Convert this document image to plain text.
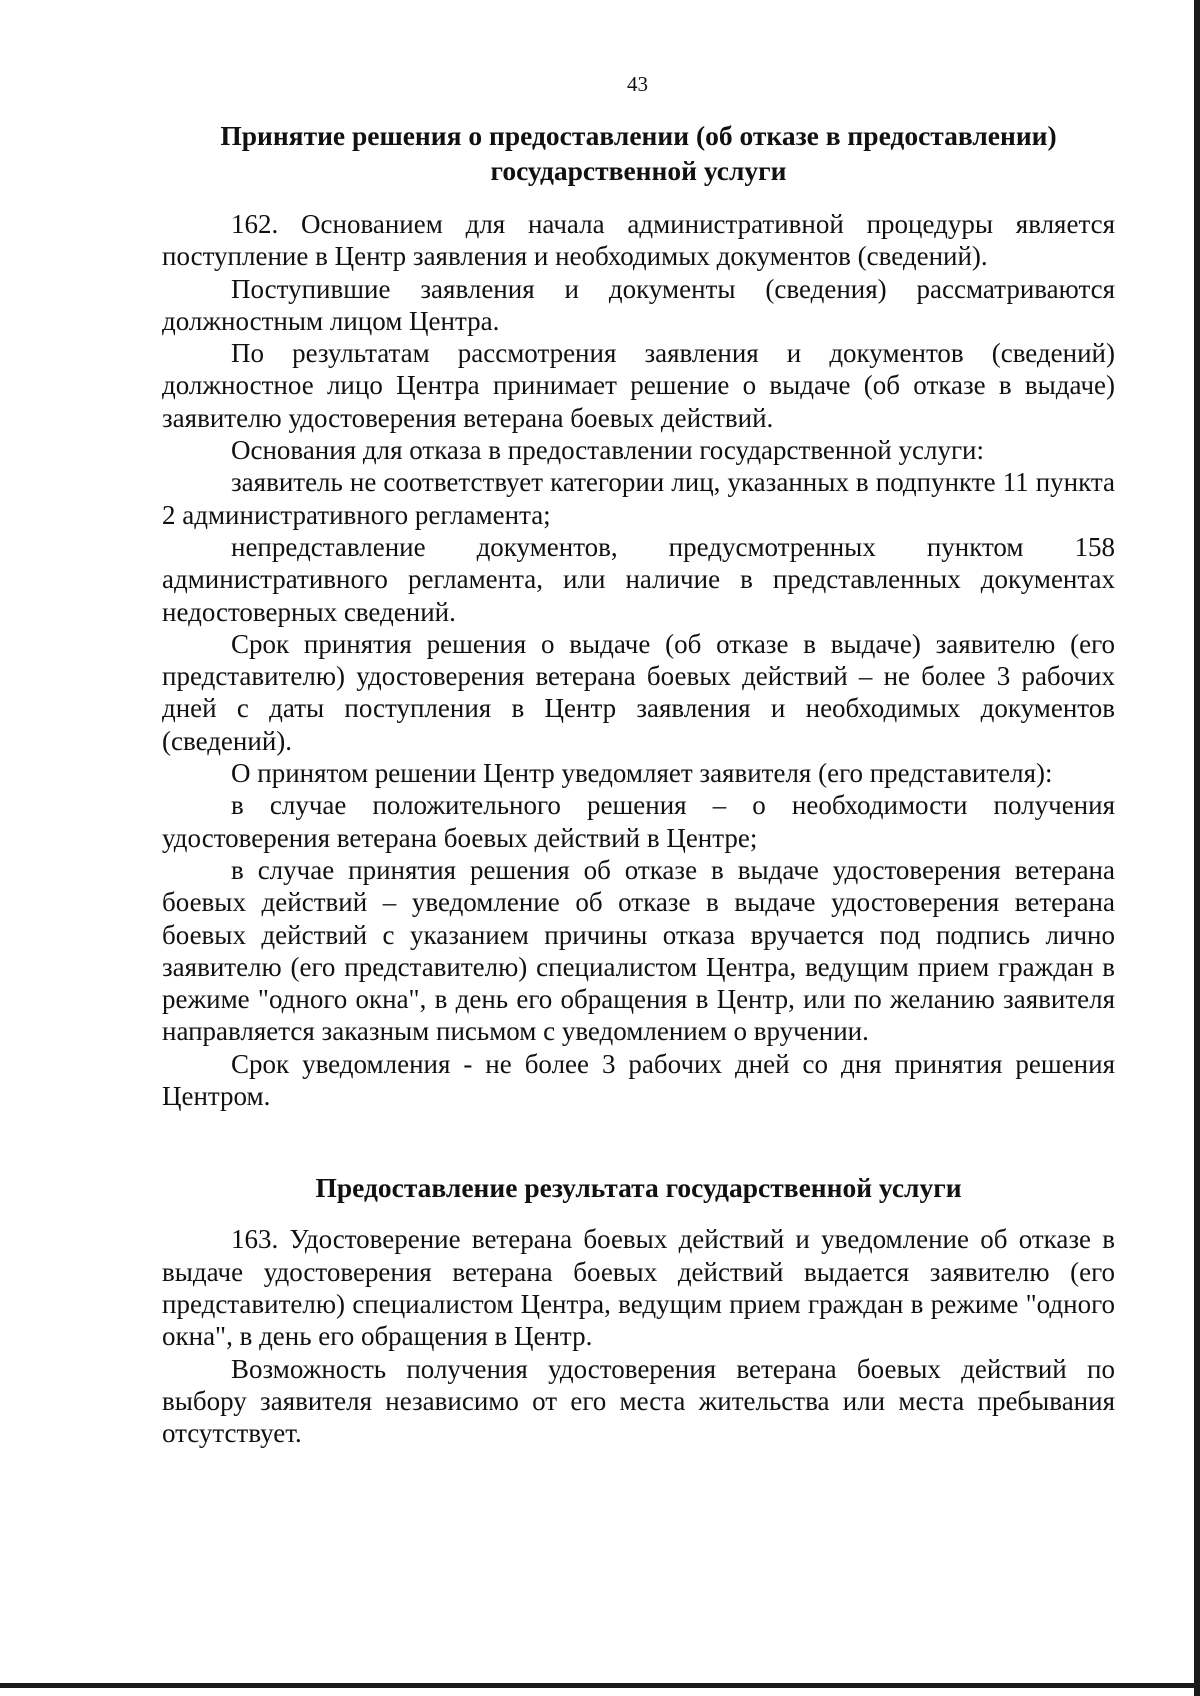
43
Принятие решения о предоставлении (об отказе в предоставлении) государственной услуги

162. Основанием для начала административной процедуры является поступление в Центр заявления и необходимых документов (сведений).

Поступившие заявления и документы (сведения) рассматриваются должностным лицом Центра.

По результатам рассмотрения заявления и документов (сведений) должностное лицо Центра принимает решение о выдаче (об отказе в выдаче) заявителю удостоверения ветерана боевых действий.

Основания для отказа в предоставлении государственной услуги:

заявитель не соответствует категории лиц, указанных в подпункте 11 пункта 2 административного регламента;

непредставление документов, предусмотренных пунктом 158 административного регламента, или наличие в представленных документах недостоверных сведений.

Срок принятия решения о выдаче (об отказе в выдаче) заявителю (его представителю) удостоверения ветерана боевых действий – не более 3 рабочих дней с даты поступления в Центр заявления и необходимых документов (сведений).

О принятом решении Центр уведомляет заявителя (его представителя):

в случае положительного решения – о необходимости получения удостоверения ветерана боевых действий в Центре;

в случае принятия решения об отказе в выдаче удостоверения ветерана боевых действий – уведомление об отказе в выдаче удостоверения ветерана боевых действий с указанием причины отказа вручается под подпись лично заявителю (его представителю) специалистом Центра, ведущим прием граждан в режиме "одного окна", в день его обращения в Центр, или по желанию заявителя направляется заказным письмом с уведомлением о вручении.

Срок уведомления - не более 3 рабочих дней со дня принятия решения Центром.

Предоставление результата государственной услуги

163. Удостоверение ветерана боевых действий и уведомление об отказе в выдаче удостоверения ветерана боевых действий выдается заявителю (его представителю) специалистом Центра, ведущим прием граждан в режиме "одного окна", в день его обращения в Центр.

Возможность получения удостоверения ветерана боевых действий по выбору заявителя независимо от его места жительства или места пребывания отсутствует.
